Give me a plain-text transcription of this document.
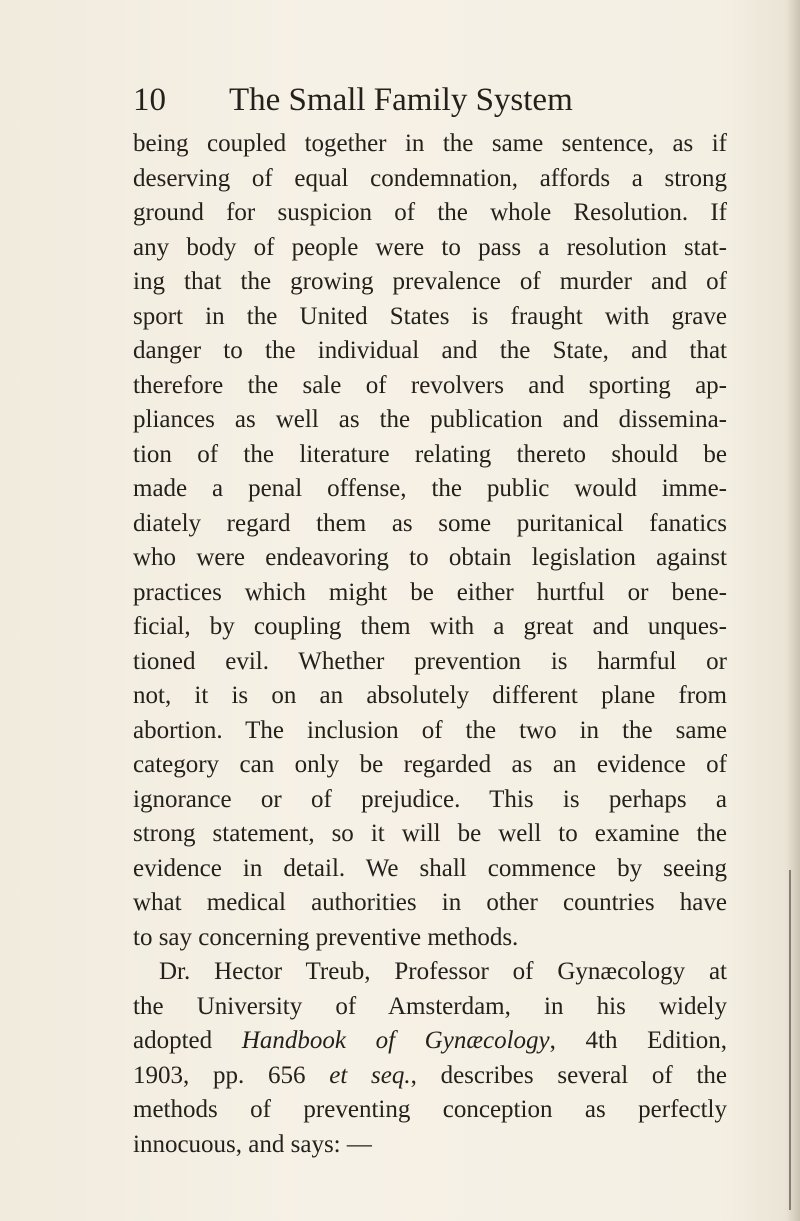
10 The Small Family System
being coupled together in the same sentence, as if
deserving of equal condemnation, affords a strong
ground for suspicion of the whole Resolution. If
any body of people were to pass a resolution stat-
ing that the growing prevalence of murder and of
sport in the United States is fraught with grave
danger to the individual and the State, and that
therefore the sale of revolvers and sporting ap-
pliances as well as the publication and dissemina-
tion of the literature relating thereto should be
made a penal offense, the public would imme-
diately regard them as some puritanical fanatics
who were endeavoring to obtain legislation against
practices which might be either hurtful or bene-
ficial, by coupling them with a great and unques-
tioned evil. Whether prevention is harmful or
not, it is on an absolutely different plane from
abortion. The inclusion of the two in the same
category can only be regarded as an evidence of
ignorance or of prejudice. This is perhaps a
strong statement, so it will be well to examine the
evidence in detail. We shall commence by seeing
what medical authorities in other countries have
to say concerning preventive methods.
Dr. Hector Treub, Professor of Gynæcology at
the University of Amsterdam, in his widely
adopted Handbook of Gynæcology, 4th Edition,
1903, pp. 656 et seq., describes several of the
methods of preventing conception as perfectly
innocuous, and says: —
